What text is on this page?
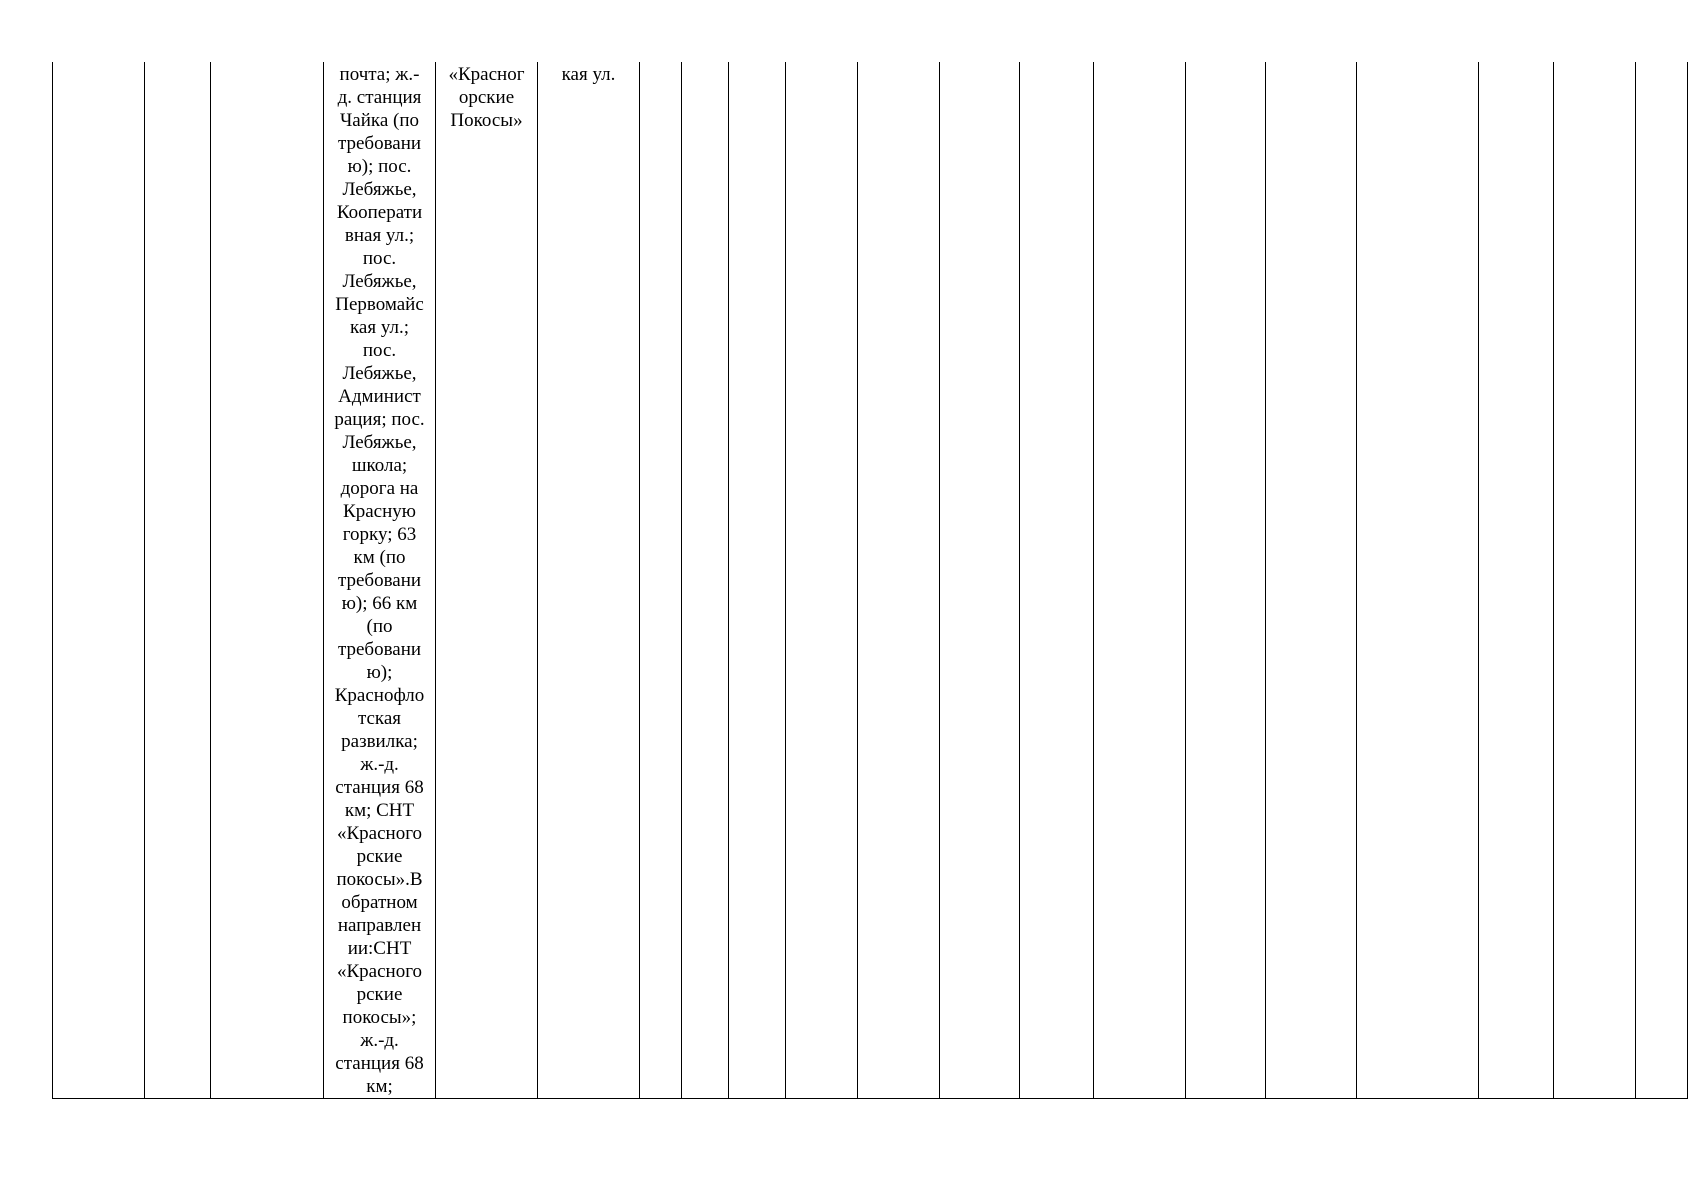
почта; ж.-
д. станция
Чайка (по
требовани
ю); пос.
Лебяжье,
Кооперати
вная ул.;
пос.
Лебяжье,
Первомайс
кая ул.;
пос.
Лебяжье,
Админист
рация; пос.
Лебяжье,
школа;
дорога на
Красную
горку; 63
км (по
требовани
ю); 66 км
(по
требовани
ю);
Краснофло
тская
развилка;
ж.-д.
станция 68
км; СНТ
«Красного
рские
покосы».В
обратном
направлен
ии:СНТ
«Красного
рские
покосы»;
ж.-д.
станция 68
км;

«Красног
орские
Покосы»

кая ул.
